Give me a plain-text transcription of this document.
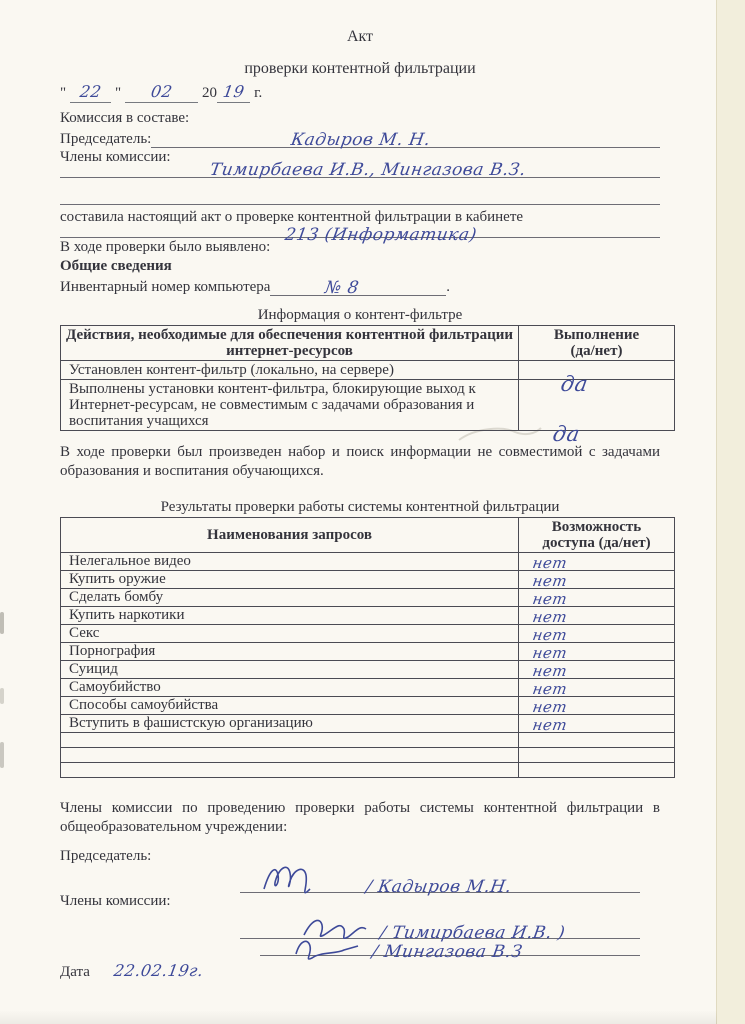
Акт
проверки контентной фильтрации
" 22 " 02 20 19 г.
Комиссия в составе:
Председатель:	Кадыров М. Н.
Члены комиссии:
Тимирбаева И.В., Мингазова В.З.

составила настоящий акт о проверке контентной фильтрации в кабинете

213 (Информатика)
В ходе проверки было выявлено:
Общие сведения
Инвентарный номер компьютера	№ 8	.
Информация о контент-фильтре
Действия, необходимые для обеспечения контентной фильтрации интернет-ресурсов	Выполнение
(да/нет)

Установлен контент-фильтр (локально, на сервере)	да

Выполнены установки контент-фильтра, блокирующие выход к Интернет-ресурсам, не совместимым с задачами образования и воспитания учащихся	да

В ходе проверки был произведен набор и поиск информации не совместимой с задачами образования и воспитания обучающихся.

Результаты проверки работы системы контентной фильтрации
Наименования запросов	Возможность
доступа (да/нет)

Нелегальное видео	нет
Купить оружие	нет
Сделать бомбу	нет
Купить наркотики	нет
Секс	нет
Порнография	нет
Суицид	нет
Самоубийство	нет
Способы самоубийства	нет
Вступить в фашистскую организацию	нет

Члены комиссии по проведению проверки работы системы контентной фильтрации в общеобразовательном учреждении:

Председатель:
/ Кадыров М.Н.
Члены комиссии:
/ Тимирбаева И.В. )
/ Мингазова В.З
Дата 22.02.19г.
